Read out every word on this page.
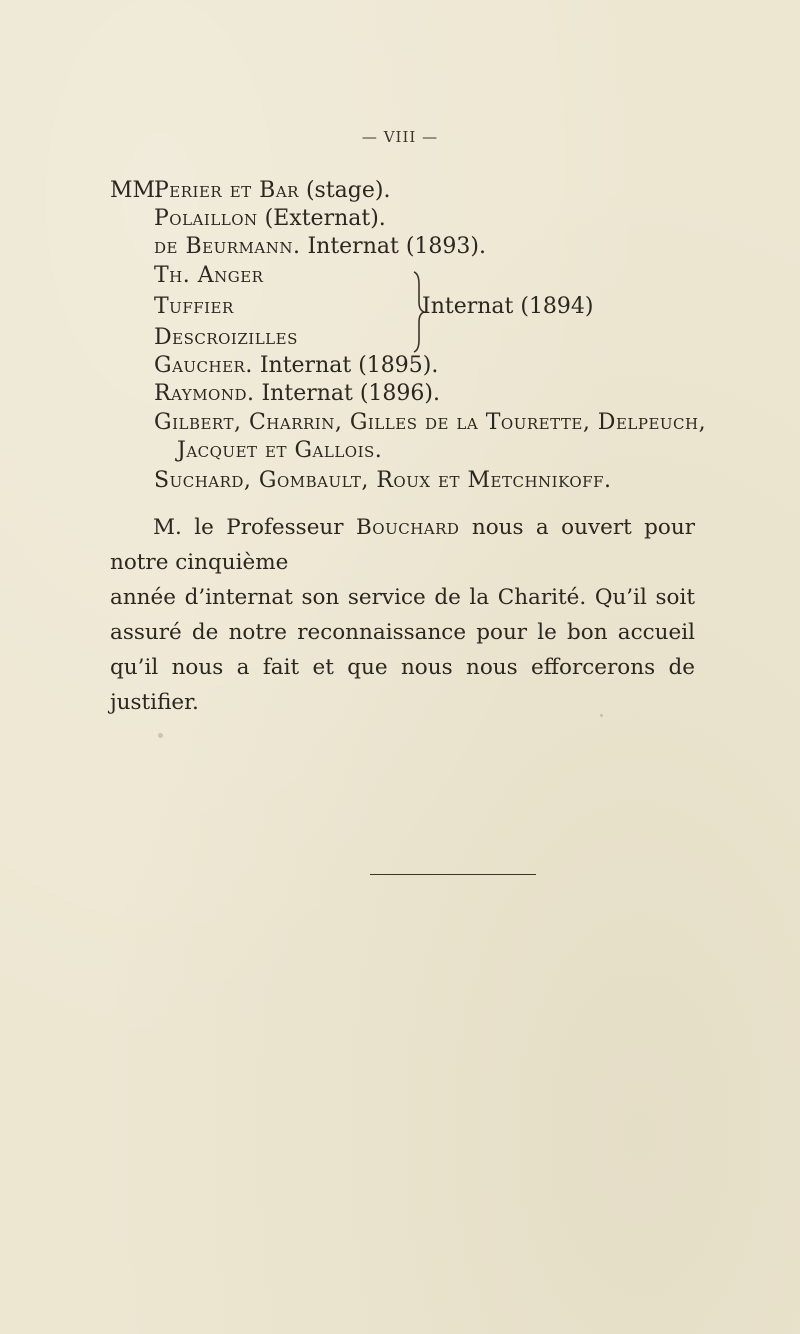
— VIII —
MM.
Perier et Bar (stage).
Polaillon (Externat).
de Beurmann. Internat (1893).
Th. Anger
Tuffier
Descroizilles
Internat (1894)
Gaucher. Internat (1895).
Raymond. Internat (1896).
Gilbert, Charrin, Gilles de la Tourette, Delpeuch,
Jacquet et Gallois.
Suchard, Gombault, Roux et Metchnikoff.
M. le Professeur Bouchard nous a ouvert pour notre cinquième
année d’internat son service de la Charité. Qu’il soit assuré de notre reconnaissance pour le bon accueil qu’il nous a fait et que nous nous efforcerons de justifier.
